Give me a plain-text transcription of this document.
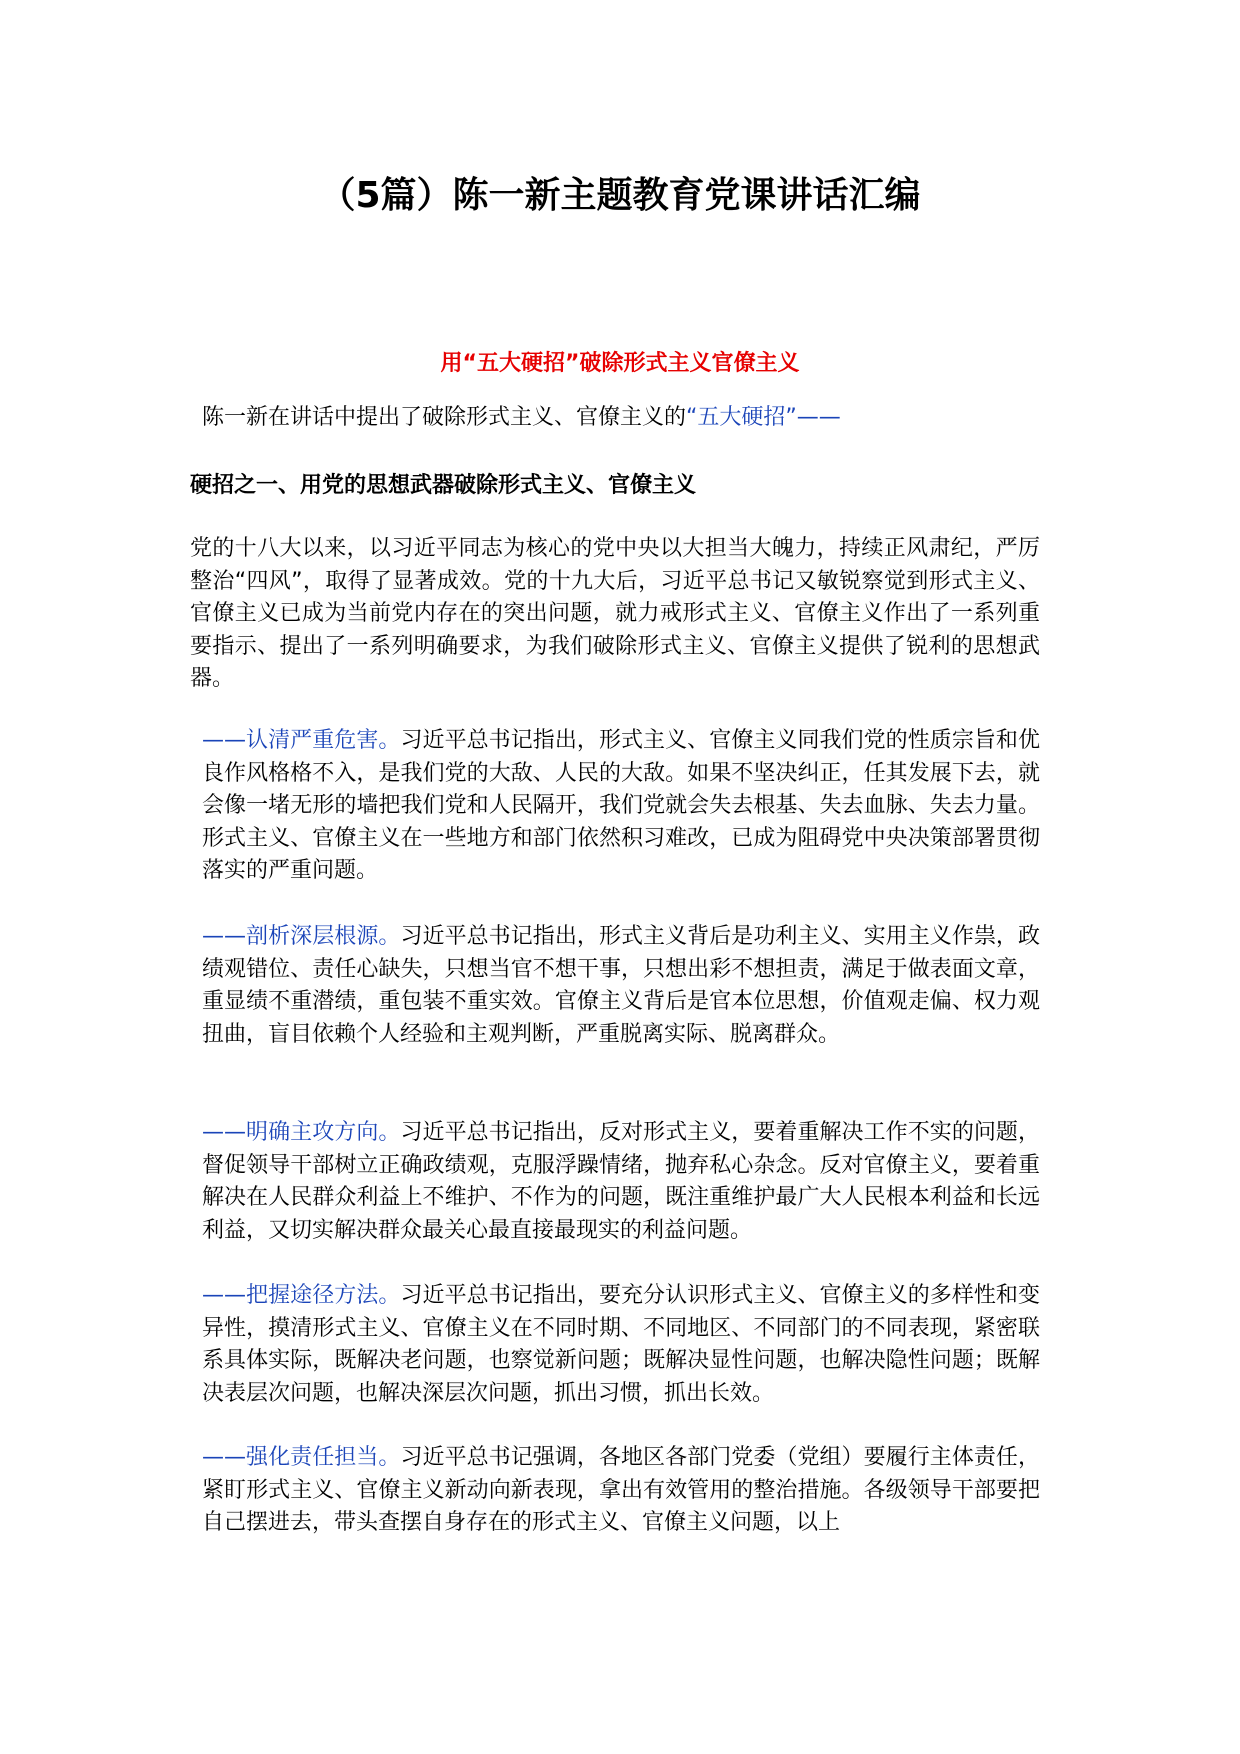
（5篇）陈一新主题教育党课讲话汇编
用“五大硬招”破除形式主义官僚主义

陈一新在讲话中提出了破除形式主义、官僚主义的“五大硬招”——

硬招之一、用党的思想武器破除形式主义、官僚主义

党的十八大以来，以习近平同志为核心的党中央以大担当大魄力，持续正风肃纪，严厉整治“四风”，取得了显著成效。党的十九大后，习近平总书记又敏锐察觉到形式主义、官僚主义已成为当前党内存在的突出问题，就力戒形式主义、官僚主义作出了一系列重要指示、提出了一系列明确要求，为我们破除形式主义、官僚主义提供了锐利的思想武器。

——认清严重危害。习近平总书记指出，形式主义、官僚主义同我们党的性质宗旨和优良作风格格不入，是我们党的大敌、人民的大敌。如果不坚决纠正，任其发展下去，就会像一堵无形的墙把我们党和人民隔开，我们党就会失去根基、失去血脉、失去力量。形式主义、官僚主义在一些地方和部门依然积习难改，已成为阻碍党中央决策部署贯彻落实的严重问题。

——剖析深层根源。习近平总书记指出，形式主义背后是功利主义、实用主义作祟，政绩观错位、责任心缺失，只想当官不想干事，只想出彩不想担责，满足于做表面文章，重显绩不重潜绩，重包装不重实效。官僚主义背后是官本位思想，价值观走偏、权力观扭曲，盲目依赖个人经验和主观判断，严重脱离实际、脱离群众。

——明确主攻方向。习近平总书记指出，反对形式主义，要着重解决工作不实的问题，督促领导干部树立正确政绩观，克服浮躁情绪，抛弃私心杂念。反对官僚主义，要着重解决在人民群众利益上不维护、不作为的问题，既注重维护最广大人民根本利益和长远利益，又切实解决群众最关心最直接最现实的利益问题。

——把握途径方法。习近平总书记指出，要充分认识形式主义、官僚主义的多样性和变异性，摸清形式主义、官僚主义在不同时期、不同地区、不同部门的不同表现，紧密联系具体实际，既解决老问题，也察觉新问题；既解决显性问题，也解决隐性问题；既解决表层次问题，也解决深层次问题，抓出习惯，抓出长效。

——强化责任担当。习近平总书记强调，各地区各部门党委（党组）要履行主体责任，紧盯形式主义、官僚主义新动向新表现，拿出有效管用的整治措施。各级领导干部要把自己摆进去，带头查摆自身存在的形式主义、官僚主义问题，以上
